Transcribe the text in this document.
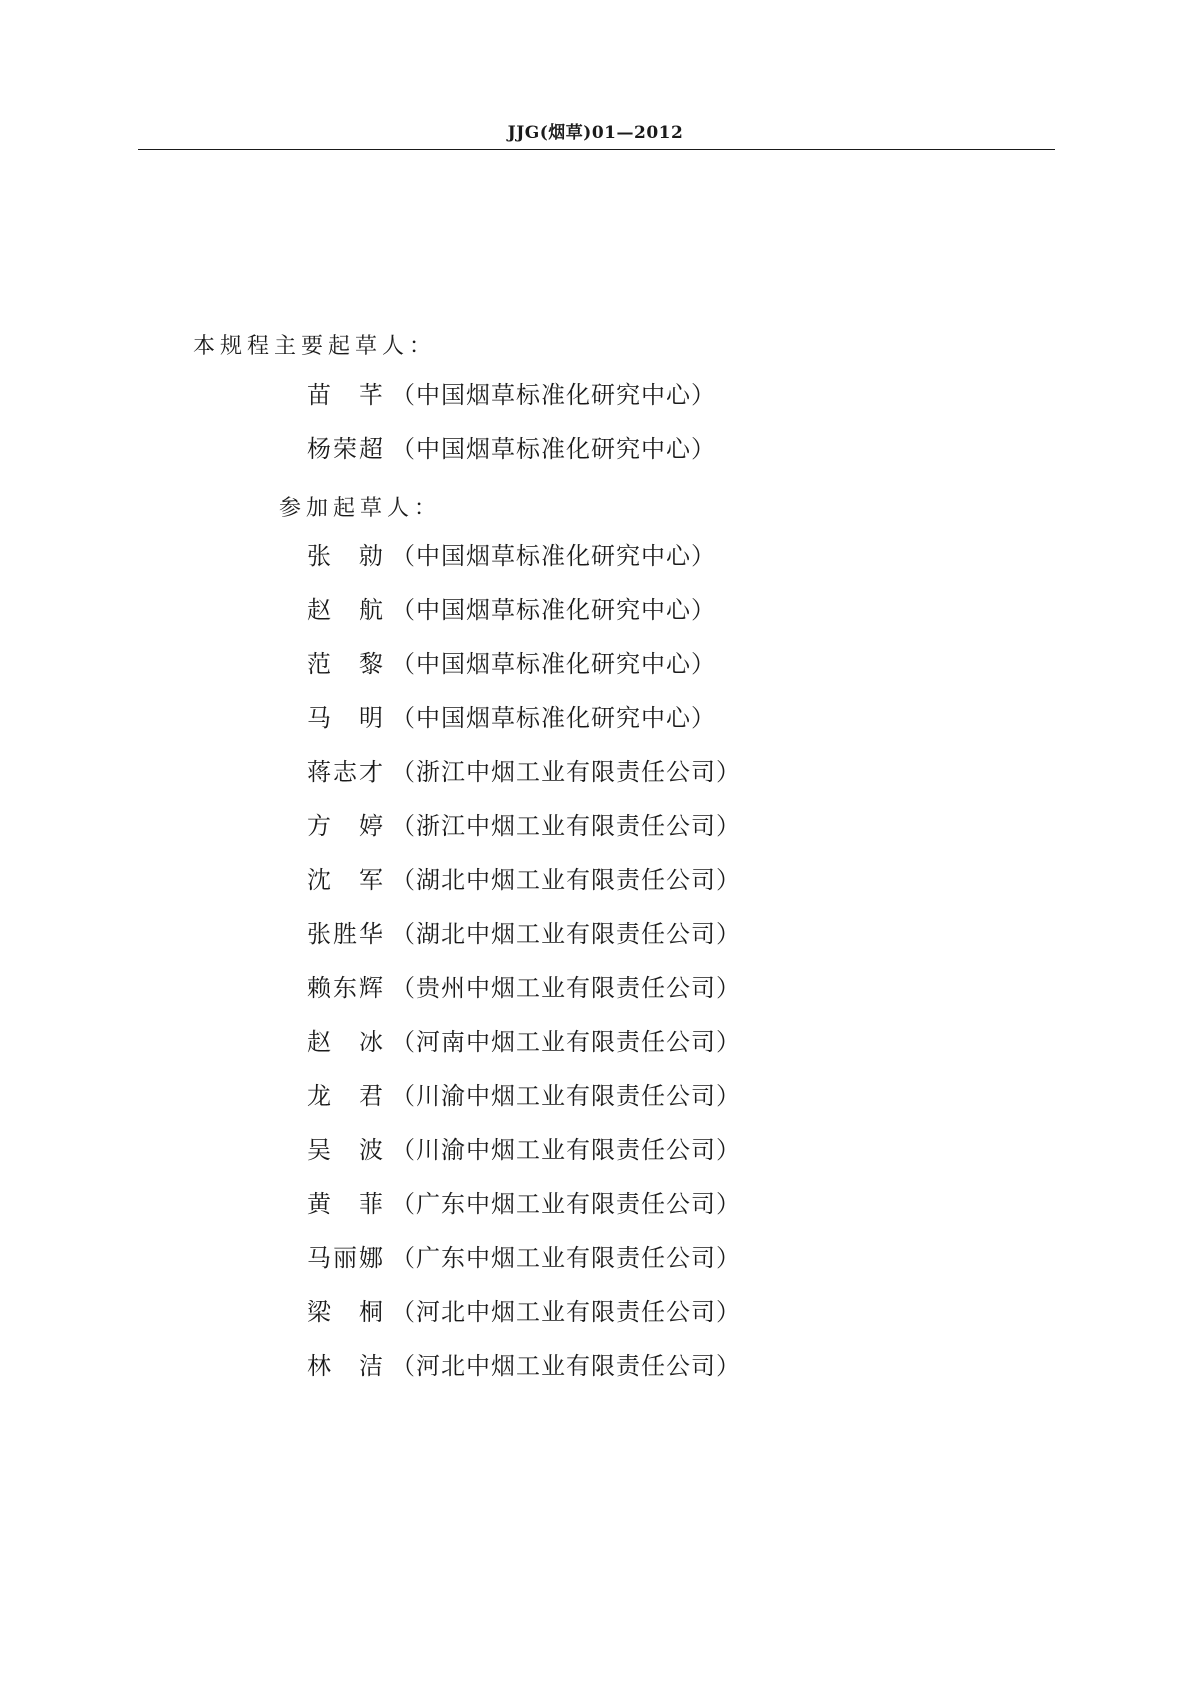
JJG(烟草)01—2012
本规程主要起草人：
苗　芊 （中国烟草标准化研究中心）
杨荣超 （中国烟草标准化研究中心）
参加起草人：
张　勍 （中国烟草标准化研究中心）
赵　航 （中国烟草标准化研究中心）
范　黎 （中国烟草标准化研究中心）
马　明 （中国烟草标准化研究中心）
蒋志才 （浙江中烟工业有限责任公司）
方　婷 （浙江中烟工业有限责任公司）
沈　军 （湖北中烟工业有限责任公司）
张胜华 （湖北中烟工业有限责任公司）
赖东辉 （贵州中烟工业有限责任公司）
赵　冰 （河南中烟工业有限责任公司）
龙　君 （川渝中烟工业有限责任公司）
吴　波 （川渝中烟工业有限责任公司）
黄　菲 （广东中烟工业有限责任公司）
马丽娜 （广东中烟工业有限责任公司）
梁　桐 （河北中烟工业有限责任公司）
林　洁 （河北中烟工业有限责任公司）
